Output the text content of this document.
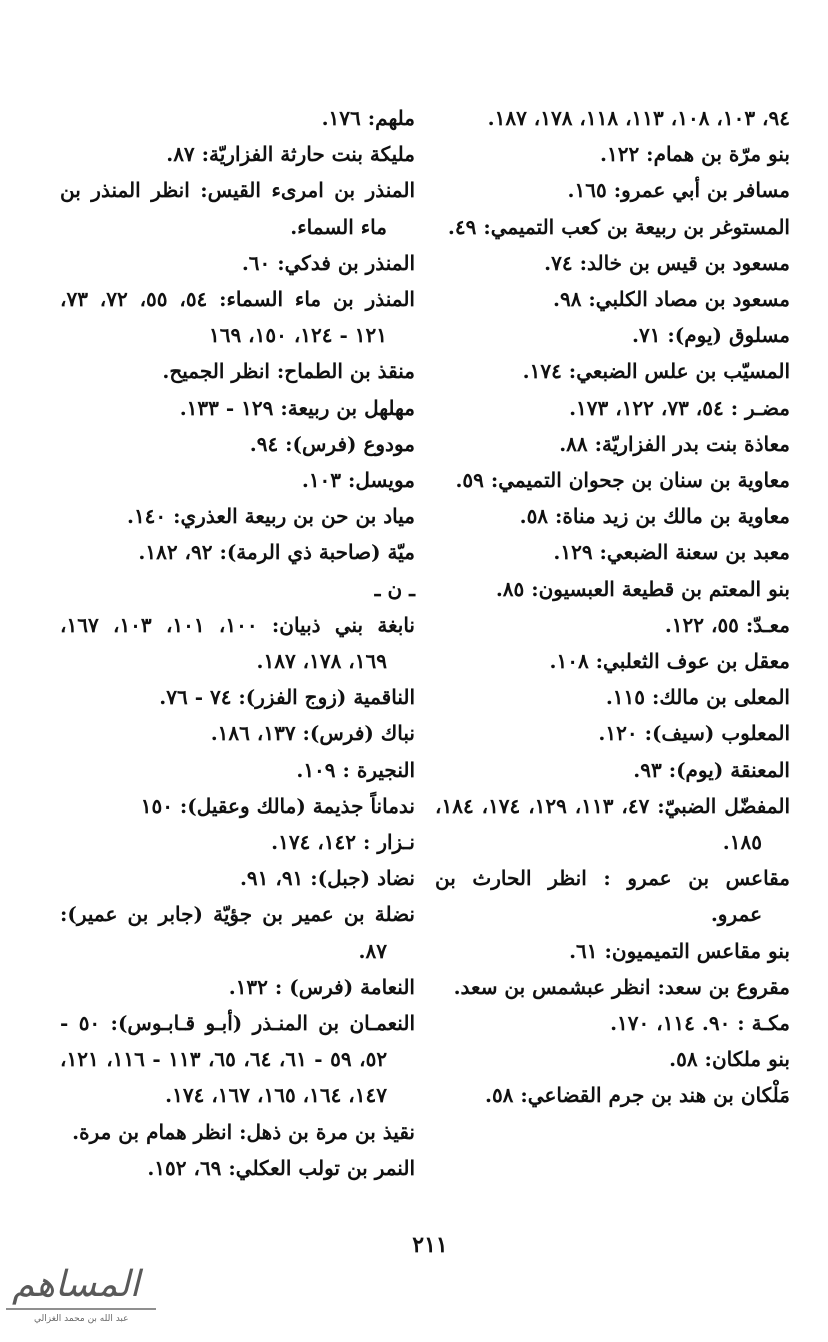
٩٤، ١٠٣، ١٠٨، ١١٣، ١١٨، ١٧٨، ١٨٧.
بنو مرّة بن همام: ١٢٢.
مسافر بن أبي عمرو: ١٦٥.
المستوغر بن ربيعة بن كعب التميمي: ٤٩.
مسعود بن قيس بن خالد: ٧٤.
مسعود بن مصاد الكلبي: ٩٨.
مسلوق (يوم): ٧١.
المسيّب بن علس الضبعي: ١٧٤.
مضـر : ٥٤، ٧٣، ١٢٢، ١٧٣.
معاذة بنت بدر الفزاريّة: ٨٨.
معاوية بن سنان بن جحوان التميمي: ٥٩.
معاوية بن مالك بن زيد مناة: ٥٨.
معبد بن سعنة الضبعي: ١٢٩.
بنو المعتم بن قطيعة العبسيون: ٨٥.
معـدّ: ٥٥، ١٢٢.
معقل بن عوف الثعلبي: ١٠٨.
المعلى بن مالك: ١١٥.
المعلوب (سيف): ١٢٠.
المعنقة (يوم): ٩٣.
المفضّل الضبيّ: ٤٧، ١١٣، ١٢٩، ١٧٤، ١٨٤، ١٨٥.
مقاعس بن عمرو : انظر الحارث بن عمرو.
بنو مقاعس التميميون: ٦١.
مقروع بن سعد: انظر عبشمس بن سعد.
مكـة : ٩٠. ١١٤، ١٧٠.
بنو ملكان: ٥٨.
مَلْكان بن هند بن جرم القضاعي: ٥٨.
ملهم: ١٧٦.
مليكة بنت حارثة الفزاريّة: ٨٧.
المنذر بن امرىء القيس: انظر المنذر بن ماء السماء.
المنذر بن فدكي: ٦٠.
المنذر بن ماء السماء: ٥٤، ٥٥، ٧٢، ٧٣، ١٢١ - ١٢٤، ١٥٠، ١٦٩
منقذ بن الطماح: انظر الجميح.
مهلهل بن ربيعة: ١٢٩ - ١٣٣.
مودوع (فرس): ٩٤.
مويسل: ١٠٣.
مياد بن حن بن ربيعة العذري: ١٤٠.
ميّة (صاحبة ذي الرمة): ٩٢، ١٨٢.
ـ ن ـ
نابغة بني ذبيان: ١٠٠، ١٠١، ١٠٣، ١٦٧، ١٦٩، ١٧٨، ١٨٧.
الناقمية (زوج الفزر): ٧٤ - ٧٦.
نباك (فرس): ١٣٧، ١٨٦.
النجيرة : ١٠٩.
ندماناً جذيمة (مالك وعقيل): ١٥٠
نـزار : ١٤٢، ١٧٤.
نضاد (جبل): ٩١، ٩١.
نضلة بن عمير بن جؤيّة (جابر بن عمير): ٨٧.
النعامة (فرس) : ١٣٢.
النعمـان بن المنـذر (أبـو قـابـوس): ٥٠ - ٥٢، ٥٩ - ٦١، ٦٤، ٦٥، ١١٣ - ١١٦، ١٢١، ١٤٧، ١٦٤، ١٦٥، ١٦٧، ١٧٤.
نقيذ بن مرة بن ذهل: انظر همام بن مرة.
النمر بن تولب العكلي: ٦٩، ١٥٢.
٢١١
المساهم
عبد الله بن محمد الغزالي
